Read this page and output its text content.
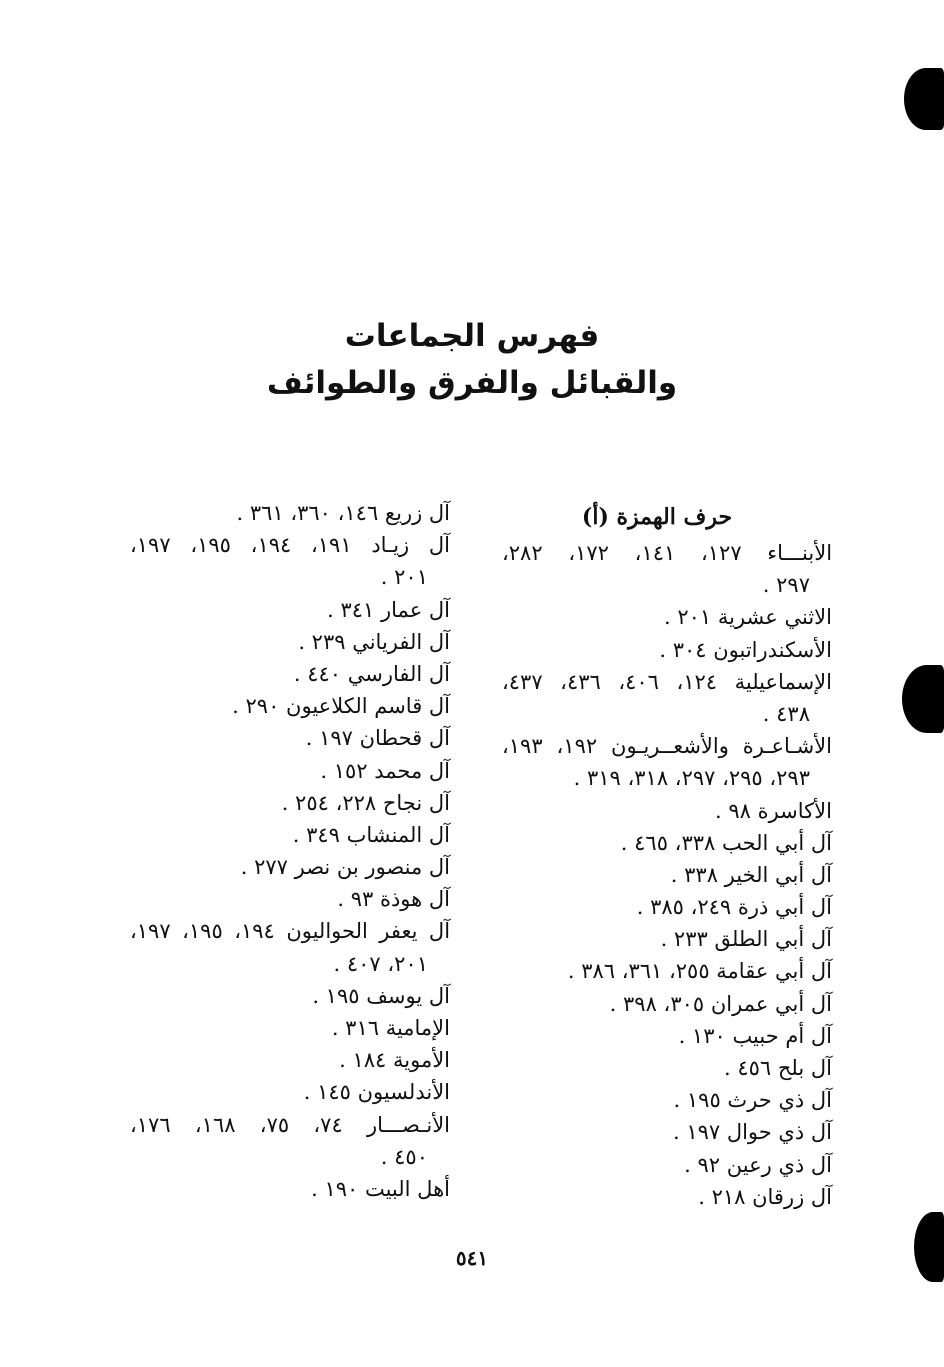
فهرس الجماعات
والقبائل والفرق والطوائف
حرف الهمزة (أ)
الأبنـــاء ١٢٧، ١٤١، ١٧٢، ٢٨٢،
٢٩٧ .
الاثني عشرية ٢٠١ .
الأسكندراتبون ٣٠٤ .
الإسماعيلية ١٢٤، ٤٠٦، ٤٣٦، ٤٣٧،
٤٣٨ .
الأشـاعـرة والأشعــريـون ١٩٢، ١٩٣،
٢٩٣، ٢٩٥، ٢٩٧، ٣١٨، ٣١٩ .
الأكاسرة ٩٨ .
آل أبي الحب ٣٣٨، ٤٦٥ .
آل أبي الخير ٣٣٨ .
آل أبي ذرة ٢٤٩، ٣٨٥ .
آل أبي الطلق ٢٣٣ .
آل أبي عقامة ٢٥٥، ٣٦١، ٣٨٦ .
آل أبي عمران ٣٠٥، ٣٩٨ .
آل أم حبيب ١٣٠ .
آل بلح ٤٥٦ .
آل ذي حرث ١٩٥ .
آل ذي حوال ١٩٧ .
آل ذي رعين ٩٢ .
آل زرقان ٢١٨ .
آل زريع ١٤٦، ٣٦٠، ٣٦١ .
آل زيـاد ١٩١، ١٩٤، ١٩٥، ١٩٧،
٢٠١ .
آل عمار ٣٤١ .
آل الفرياني ٢٣٩ .
آل الفارسي ٤٤٠ .
آل قاسم الكلاعيون ٢٩٠ .
آل قحطان ١٩٧ .
آل محمد ١٥٢ .
آل نجاح ٢٢٨، ٢٥٤ .
آل المنشاب ٣٤٩ .
آل منصور بن نصر ٢٧٧ .
آل هوذة ٩٣ .
آل يعفر الحواليون ١٩٤، ١٩٥، ١٩٧،
٢٠١، ٤٠٧ .
آل يوسف ١٩٥ .
الإمامية ٣١٦ .
الأموية ١٨٤ .
الأندلسيون ١٤٥ .
الأنـصـــار ٧٤، ٧٥، ١٦٨، ١٧٦،
٤٥٠ .
أهل البيت ١٩٠ .
٥٤١
